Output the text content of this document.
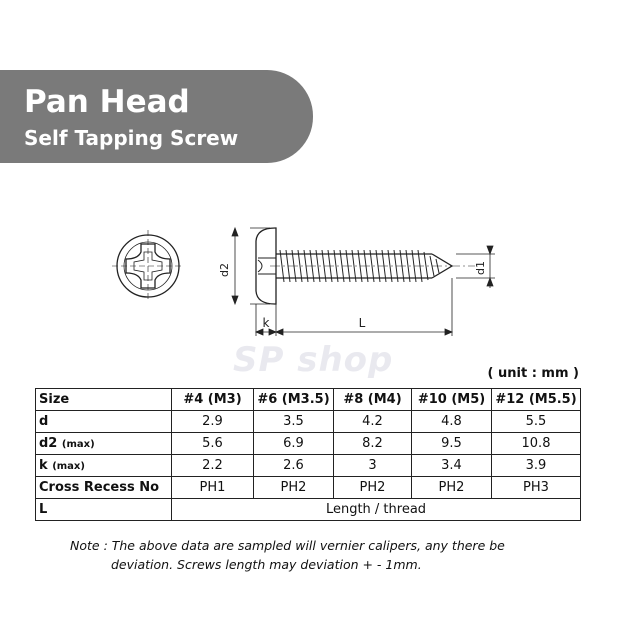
Pan Head
Self Tapping Screw
SP shop
d2	d1
k	L
( unit : mm )
Size	#4 (M3)	#6 (M3.5)	#8 (M4)	#10 (M5)	#12 (M5.5)
d	2.9	3.5	4.2	4.8	5.5
d2 (max)	5.6	6.9	8.2	9.5	10.8
k (max)	2.2	2.6	3	3.4	3.9
Cross Recess No	PH1	PH2	PH2	PH2	PH3
L	Length / thread				
Note : The above data are sampled will vernier calipers, any there be
deviation. Screws length may deviation + - 1mm.
